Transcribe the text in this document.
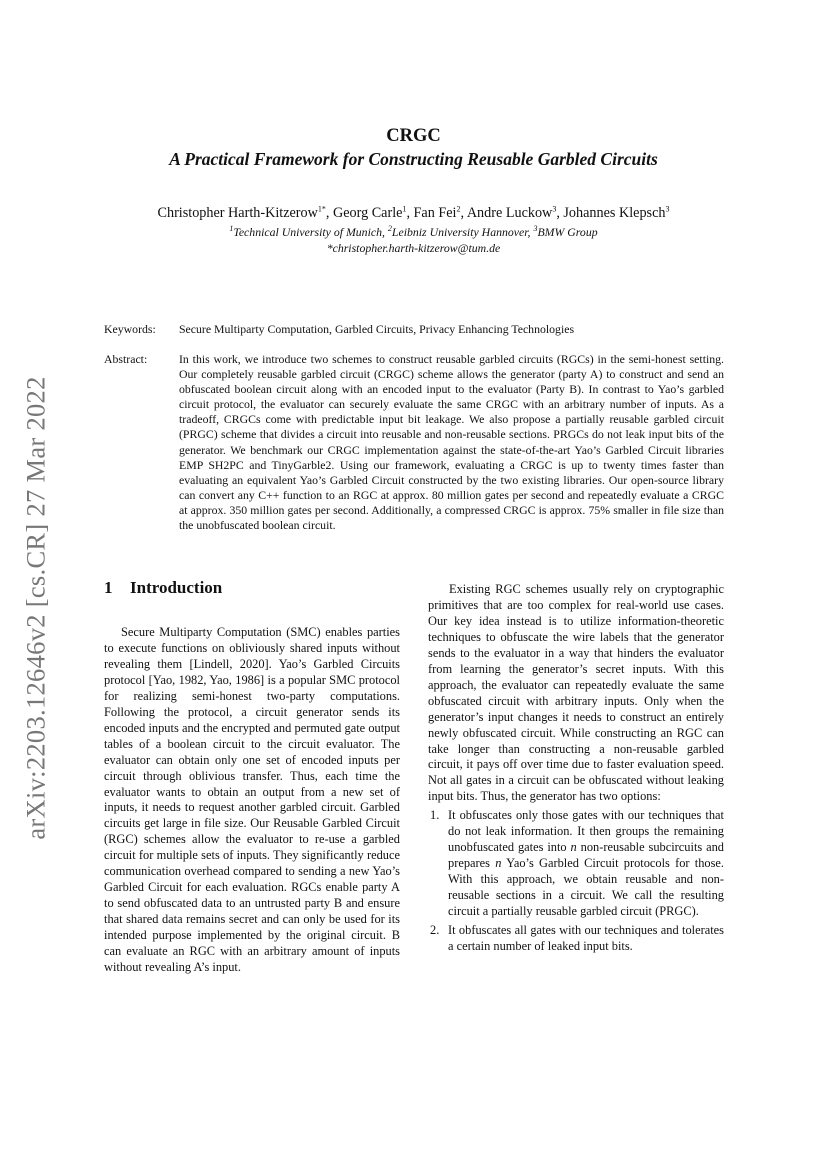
arXiv:2203.12646v2 [cs.CR] 27 Mar 2022
CRGC
A Practical Framework for Constructing Reusable Garbled Circuits
Christopher Harth-Kitzerow$^{1*}$, Georg Carle$^1$, Fan Fei$^2$, Andre Luckow$^3$, Johannes Klepsch$^3$
$^1$Technical University of Munich, $^2$Leibniz University Hannover, $^3$BMW Group
*christopher.harth-kitzerow@tum.de
Keywords: Secure Multiparty Computation, Garbled Circuits, Privacy Enhancing Technologies
Abstract:	In this work, we introduce two schemes to construct reusable garbled circuits (RGCs) in the semi-honest setting. Our completely reusable garbled circuit (CRGC) scheme allows the generator (party A) to construct and send an obfuscated boolean circuit along with an encoded input to the evaluator (Party B). In contrast to Yao’s garbled circuit protocol, the evaluator can securely evaluate the same CRGC with an arbitrary number of inputs. As a tradeoff, CRGCs come with predictable input bit leakage. We also propose a partially reusable garbled circuit (PRGC) scheme that divides a circuit into reusable and non-reusable sections. PRGCs do not leak input bits of the generator. We benchmark our CRGC implementation against the state-of-the-art Yao’s Garbled Circuit libraries EMP SH2PC and TinyGarble2. Using our framework, evaluating a CRGC is up to twenty times faster than evaluating an equivalent Yao’s Garbled Circuit constructed by the two existing libraries. Our open-source library can convert any C++ function to an RGC at approx. 80 million gates per second and repeatedly evaluate a CRGC at approx. 350 million gates per second. Additionally, a compressed CRGC is approx. 75% smaller in file size than the unobfuscated boolean circuit.
1 Introduction

Secure Multiparty Computation (SMC) enables parties to execute functions on obliviously shared inputs without revealing them [Lindell, 2020]. Yao’s Garbled Circuits protocol [Yao, 1982, Yao, 1986] is a popular SMC protocol for realizing semi-honest two-party computations. Following the protocol, a circuit generator sends its encoded inputs and the encrypted and permuted gate output tables of a boolean circuit to the circuit evaluator. The evaluator can obtain only one set of encoded inputs per circuit through oblivious transfer. Thus, each time the evaluator wants to obtain an output from a new set of inputs, it needs to request another garbled circuit. Garbled circuits get large in file size. Our Reusable Garbled Circuit (RGC) schemes allow the evaluator to re-use a garbled circuit for multiple sets of inputs. They significantly reduce communication overhead compared to sending a new Yao’s Garbled Circuit for each evaluation. RGCs enable party A to send obfuscated data to an untrusted party B and ensure that shared data remains secret and can only be used for its intended purpose implemented by the original circuit. B can evaluate an RGC with an arbitrary amount of inputs without revealing A’s input.

Existing RGC schemes usually rely on cryptographic primitives that are too complex for real-world use cases. Our key idea instead is to utilize information-theoretic techniques to obfuscate the wire labels that the generator sends to the evaluator in a way that hinders the evaluator from learning the generator’s secret inputs. With this approach, the evaluator can repeatedly evaluate the same obfuscated circuit with arbitrary inputs. Only when the generator’s input changes it needs to construct an entirely newly obfuscated circuit. While constructing an RGC can take longer than constructing a non-reusable garbled circuit, it pays off over time due to faster evaluation speed. Not all gates in a circuit can be obfuscated without leaking input bits. Thus, the generator has two options:

1. It obfuscates only those gates with our techniques that do not leak information. It then groups the remaining unobfuscated gates into n non-reusable subcircuits and prepares n Yao’s Garbled Circuit protocols for those. With this approach, we obtain reusable and non-reusable sections in a circuit. We call the resulting circuit a partially reusable garbled circuit (PRGC).
2. It obfuscates all gates with our techniques and tolerates a certain number of leaked input bits.
